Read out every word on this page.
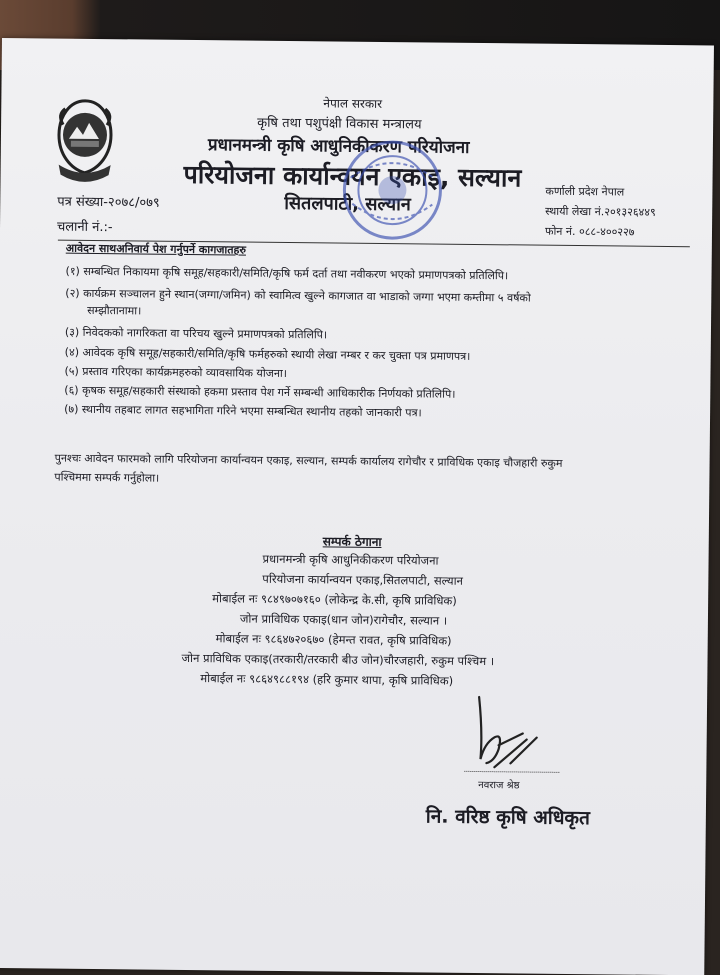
नेपाल सरकार
कृषि तथा पशुपंक्षी विकास मन्त्रालय
प्रधानमन्त्री कृषि आधुनिकीकरण परियोजना
परियोजना कार्यान्वयन एकाइ, सल्यान
सितलपाटी, सल्यान
कर्णाली प्रदेश नेपाल
स्थायी लेखा नं.२०१३२६४४९
फोन नं. ०८८-४००२२७
पत्र संख्या-२०७८/०७९
चलानी नं.:-
आवेदन साथअनिवार्य पेश गर्नुपर्ने कागजातहरु
(१) सम्बन्धित निकायमा कृषि समूह/सहकारी/समिति/कृषि फर्म दर्ता तथा नवीकरण भएको प्रमाणपत्रको प्रतिलिपि।
(२) कार्यक्रम सञ्चालन हुने स्थान(जग्गा/जमिन) को स्वामित्व खुल्ने कागजात वा भाडाको जग्गा भएमा कम्तीमा ५ वर्षको
सम्झौतानामा।
(३) निवेदकको नागरिकता वा परिचय खुल्ने प्रमाणपत्रको प्रतिलिपि।
(४) आवेदक कृषि समूह/सहकारी/समिति/कृषि फर्महरुको स्थायी लेखा नम्बर र कर चुक्ता पत्र प्रमाणपत्र।
(५) प्रस्ताव गरिएका कार्यक्रमहरुको व्यावसायिक योजना।
(६) कृषक समूह/सहकारी संस्थाको हकमा प्रस्ताव पेश गर्ने सम्बन्धी आधिकारीक निर्णयको प्रतिलिपि।
(७) स्थानीय तहबाट लागत सहभागिता गरिने भएमा सम्बन्धित स्थानीय तहको जानकारी पत्र।
पुनश्चः आवेदन फारमको लागि परियोजना कार्यान्वयन एकाइ, सल्यान, सम्पर्क कार्यालय रागेचौर र प्राविधिक एकाइ चौजहारी रुकुम
पश्चिममा सम्पर्क गर्नुहोला।
सम्पर्क ठेगाना
प्रधानमन्त्री कृषि आधुनिकीकरण परियोजना
परियोजना कार्यान्वयन एकाइ,सितलपाटी, सल्यान
मोबाईल नः ९८४९७०७१६० (लोकेन्द्र के.सी, कृषि प्राविधिक)
जोन प्राविधिक एकाइ(धान जोन)रागेचौर, सल्यान ।
मोबाईल नः ९८६४७२०६७० (हेमन्त रावत, कृषि प्राविधिक)
जोन प्राविधिक एकाइ(तरकारी/तरकारी बीउ जोन)चौरजहारी, रुकुम पश्चिम ।
मोबाईल नः ९८६४९८८१९४ (हरि कुमार थापा, कृषि प्राविधिक)
नवराज श्रेष्ठ
नि. वरिष्ठ कृषि अधिकृत
